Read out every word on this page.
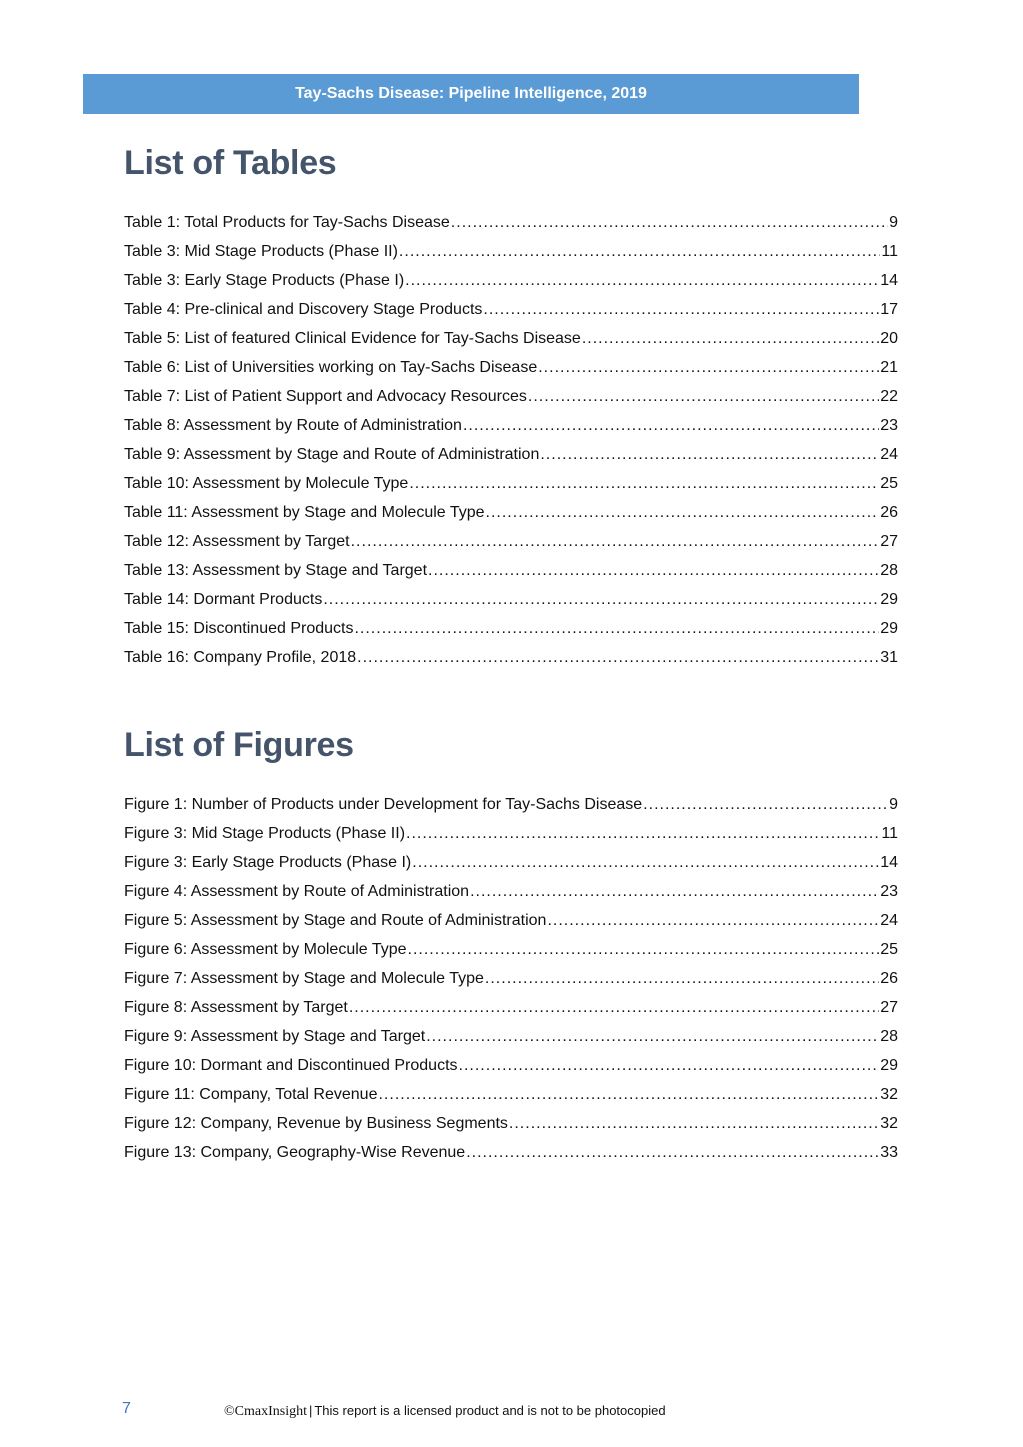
Tay-Sachs Disease: Pipeline Intelligence, 2019
List of Tables
Table 1: Total Products for Tay-Sachs Disease .....	9
Table 3: Mid Stage Products (Phase II) .....	11
Table 3: Early Stage Products (Phase I) .....	14
Table 4: Pre-clinical and Discovery Stage Products .....	17
Table 5: List of featured Clinical Evidence for Tay-Sachs Disease .....	20
Table 6: List of Universities working on Tay-Sachs Disease .....	21
Table 7: List of Patient Support and Advocacy Resources .....	22
Table 8: Assessment by Route of Administration .....	23
Table 9: Assessment by Stage and Route of Administration .....	24
Table 10: Assessment by Molecule Type .....	25
Table 11: Assessment by Stage and Molecule Type .....	26
Table 12: Assessment by Target .....	27
Table 13: Assessment by Stage and Target .....	28
Table 14: Dormant Products .....	29
Table 15: Discontinued Products .....	29
Table 16: Company Profile, 2018 .....	31
List of Figures
Figure 1: Number of Products under Development for Tay-Sachs Disease .....	9
Figure 3: Mid Stage Products (Phase II) .....	11
Figure 3: Early Stage Products (Phase I) .....	14
Figure 4: Assessment by Route of Administration .....	23
Figure 5: Assessment by Stage and Route of Administration .....	24
Figure 6: Assessment by Molecule Type .....	25
Figure 7: Assessment by Stage and Molecule Type .....	26
Figure 8: Assessment by Target .....	27
Figure 9: Assessment by Stage and Target .....	28
Figure 10: Dormant and Discontinued Products .....	29
Figure 11: Company, Total Revenue .....	32
Figure 12: Company, Revenue by Business Segments .....	32
Figure 13: Company, Geography-Wise Revenue .....	33
7	©CmaxInsight | This report is a licensed product and is not to be photocopied
